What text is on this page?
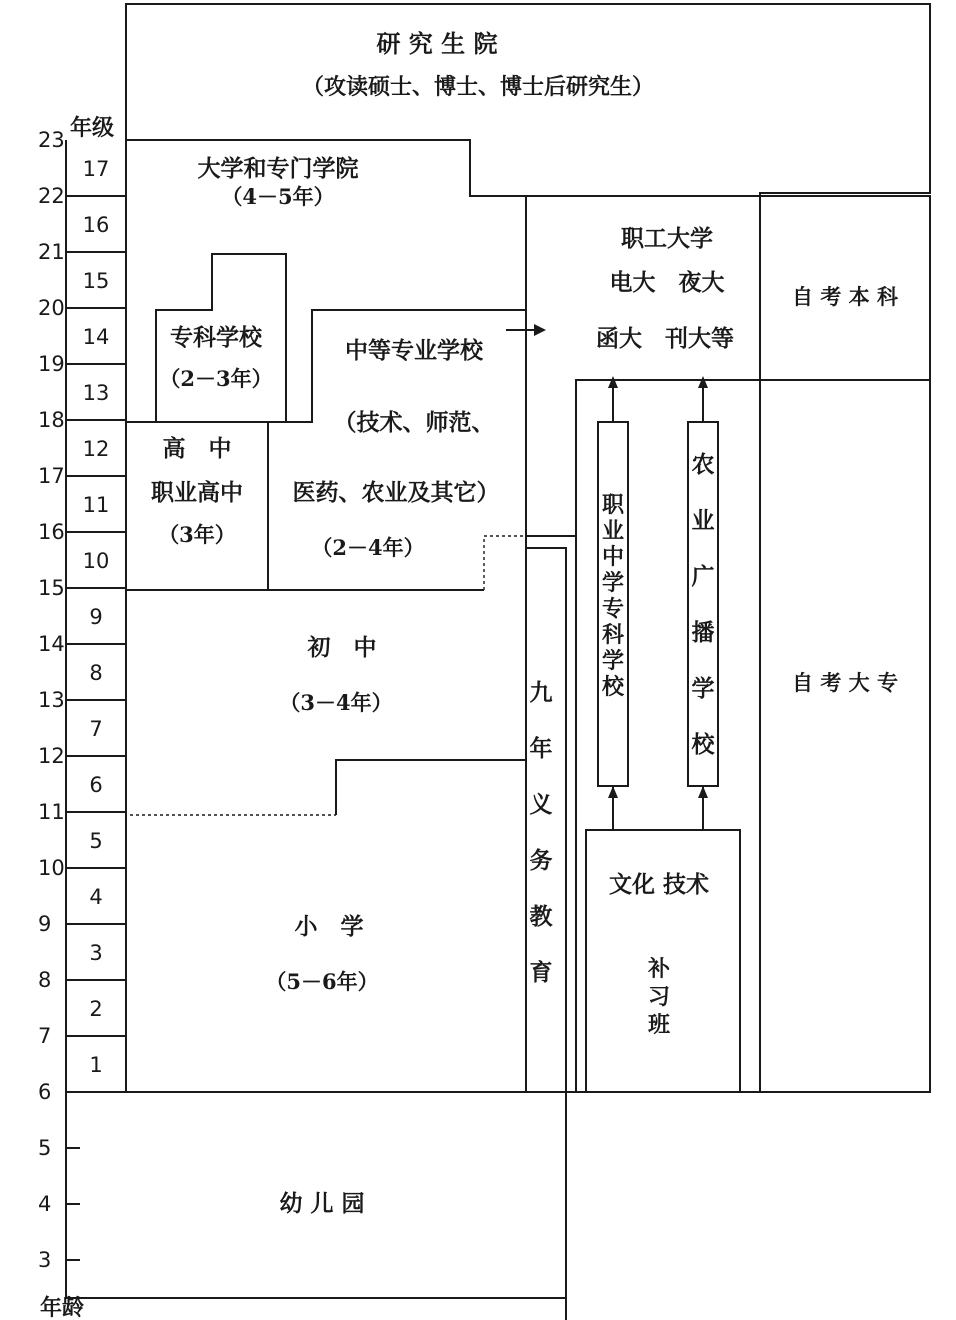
23
22
21
20
19
18
17
16
15
14
13
12
11
10
9
8
7
6
5
4
3
17
16
15
14
13
12
11
10
9
8
7
6
5
4
3
2
1
年龄
年级
研 究 生 院
（攻读硕士、博士、博士后研究生）
大学和专门学院
（4－5年）
专科学校
（2－3年）
高　中
职业高中
（3年）
中等专业学校
（技术、师范、
医药、农业及其它）
（2－4年）
初　中
（3－4年）
小　学
（5－6年）
幼 儿 园
职工大学
电大　夜大
函大　刊大等
文化 技术
自 考 本 科
自 考 大 专
九
年
义
务
教
育
职
业
中
学
专
科
学
校
农
业
广
播
学
校
补
习
班
